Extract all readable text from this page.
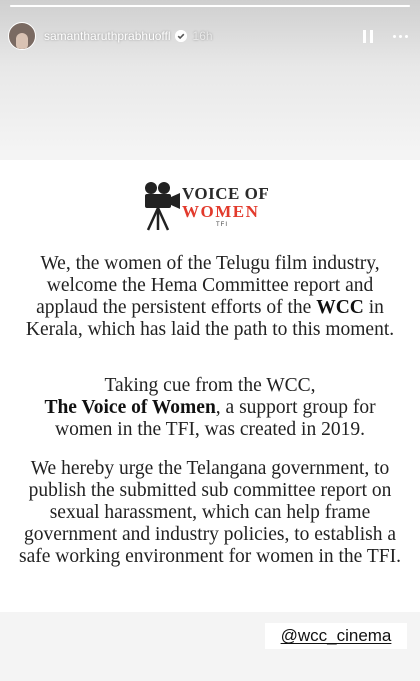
samantharuthprabhuoffl 16h
VOICE OF
WOMEN
TFI
We, the women of the Telugu film industry, welcome the Hema Committee report and applaud the persistent efforts of the WCC in Kerala, which has laid the path to this moment.
Taking cue from the WCC,
The Voice of Women, a support group for women in the TFI, was created in 2019.
We hereby urge the Telangana government, to publish the submitted sub committee report on sexual harassment, which can help frame government and industry policies, to establish a safe working environment for women in the TFI.
@wcc_cinema
